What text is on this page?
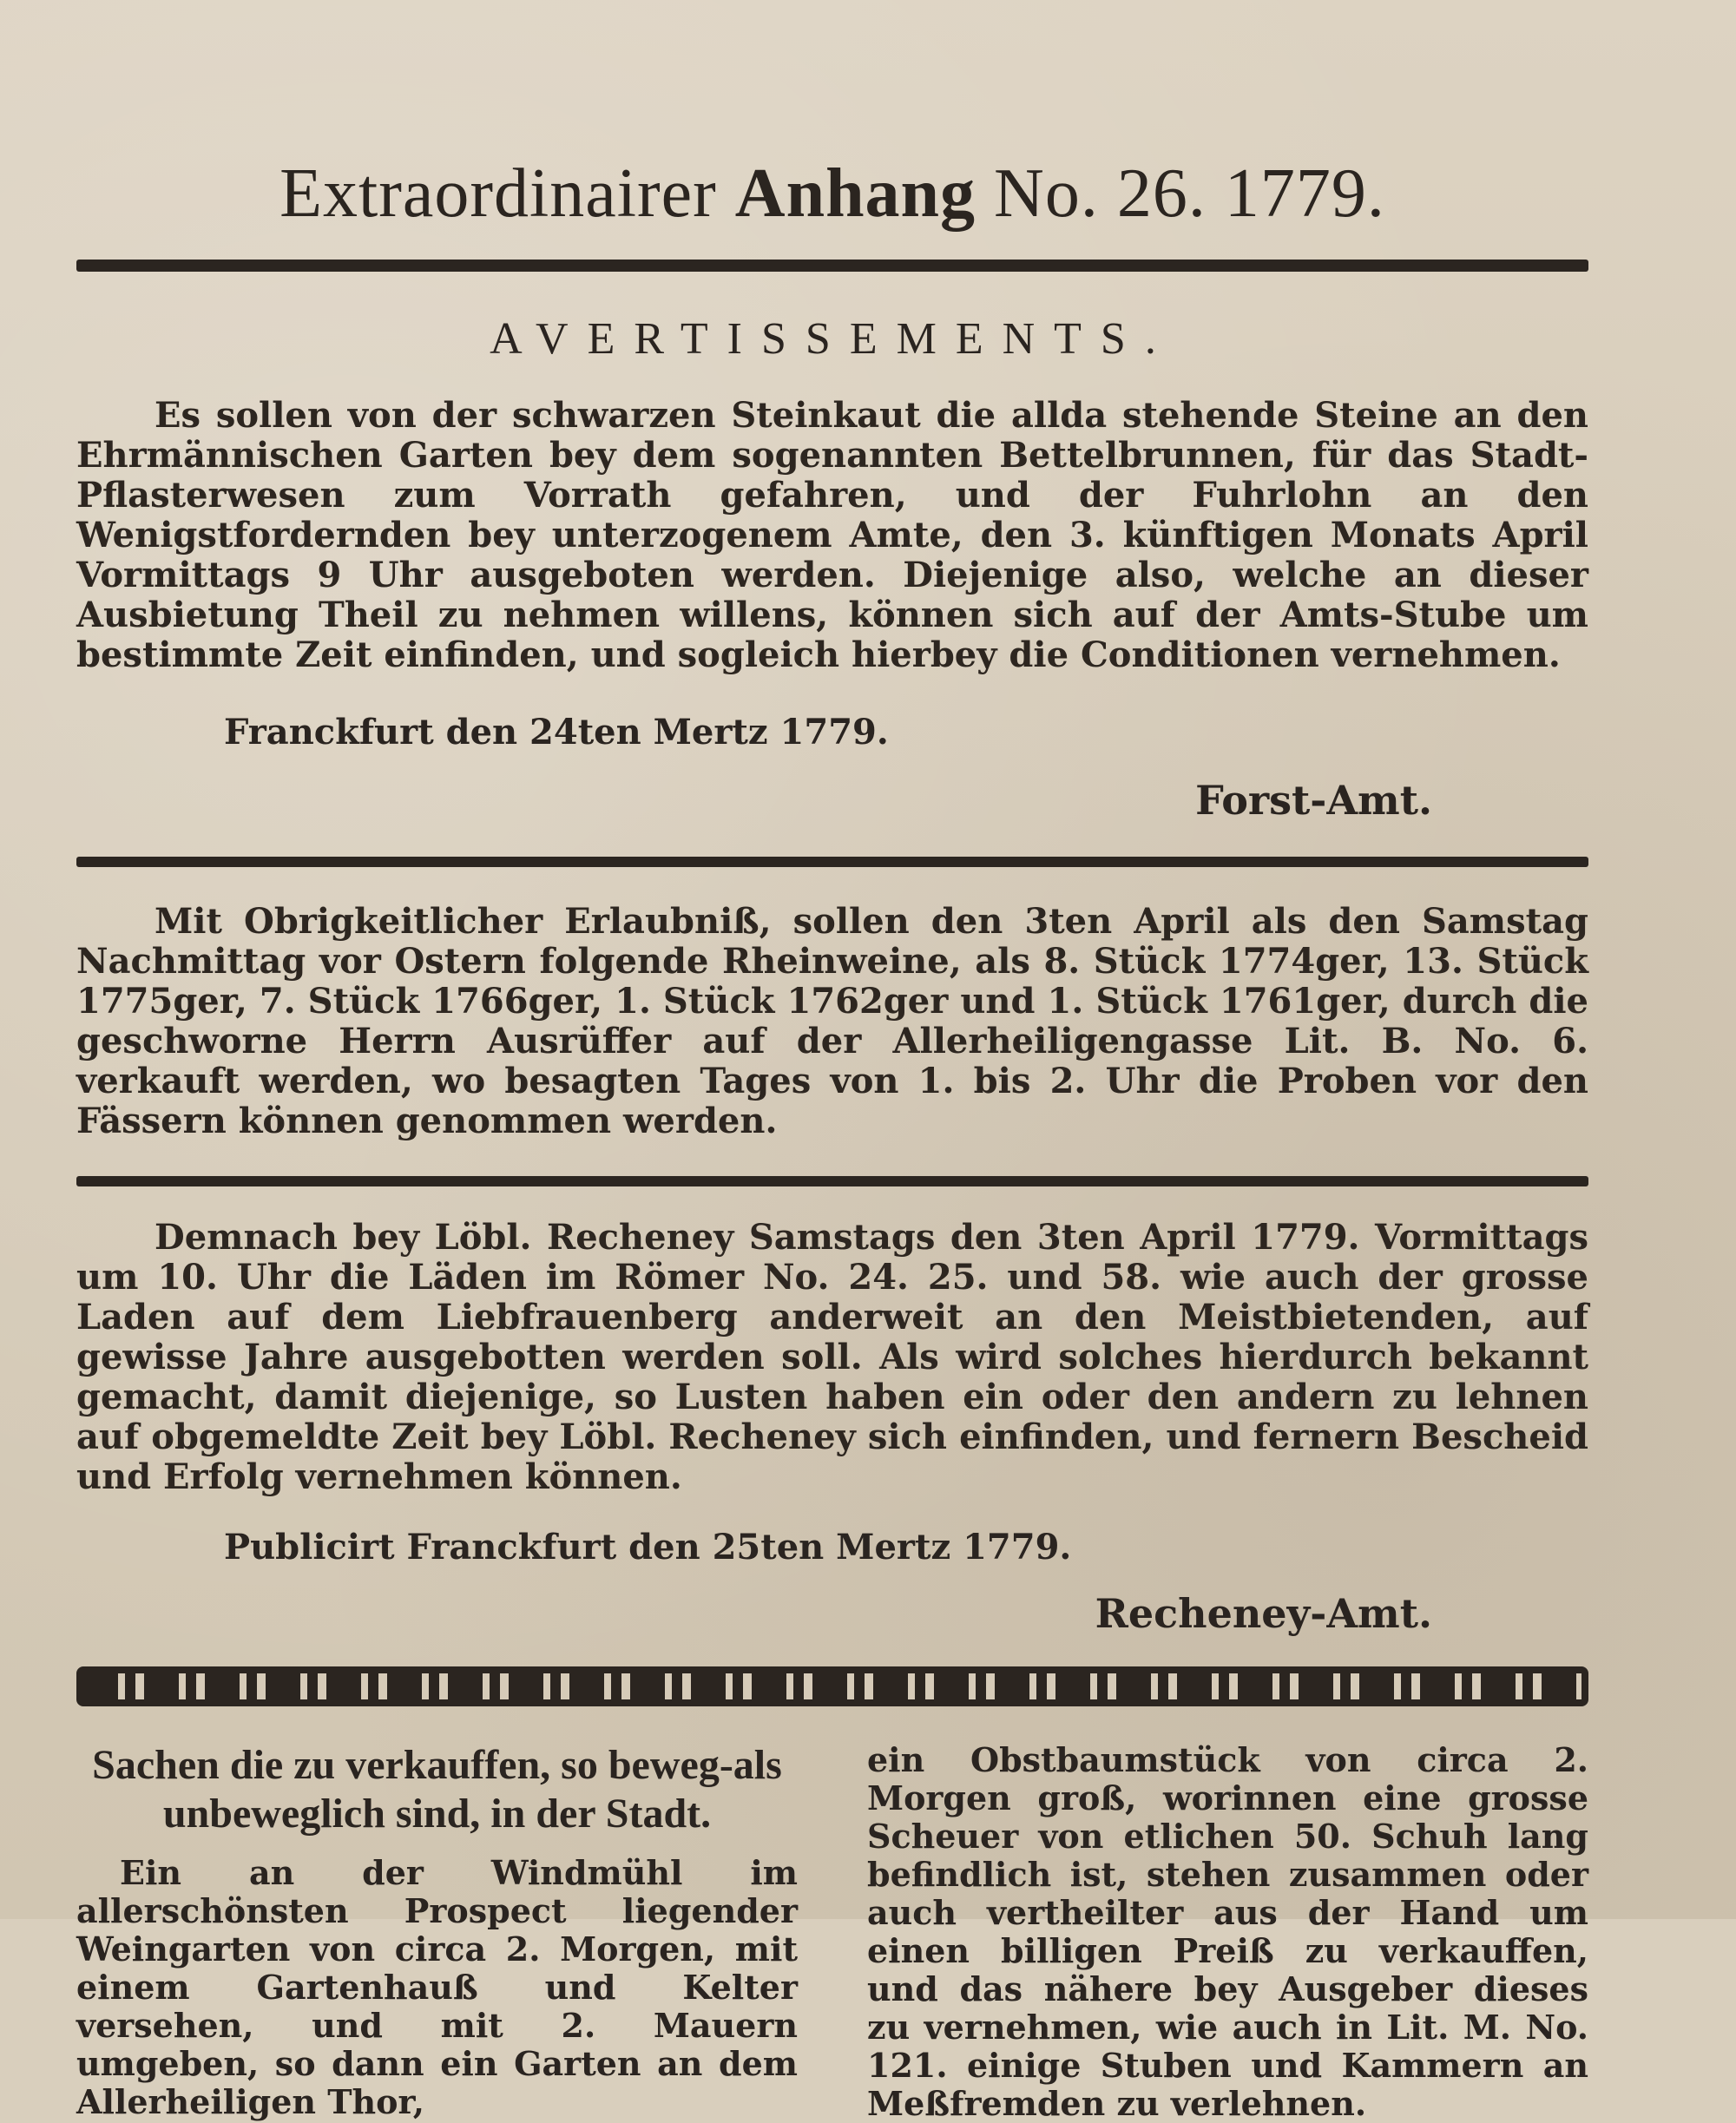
Extraordinairer Anhang No. 26. 1779.
AVERTISSEMENTS.
Es sollen von der schwarzen Steinkaut die allda stehende Steine an den Ehrmännischen Garten bey dem sogenannten Bettelbrunnen, für das Stadt-Pflasterwesen zum Vorrath gefahren, und der Fuhrlohn an den Wenigstfordernden bey unterzogenem Amte, den 3. künftigen Monats April Vormittags 9 Uhr ausgeboten werden. Diejenige also, welche an dieser Ausbietung Theil zu nehmen willens, können sich auf der Amts-Stube um bestimmte Zeit einfinden, und sogleich hierbey die Conditionen vernehmen.
Franckfurt den 24ten Mertz 1779.
Forst-Amt.
Mit Obrigkeitlicher Erlaubniß, sollen den 3ten April als den Samstag Nachmittag vor Ostern folgende Rheinweine, als 8. Stück 1774ger, 13. Stück 1775ger, 7. Stück 1766ger, 1. Stück 1762ger und 1. Stück 1761ger, durch die geschworne Herrn Ausrüffer auf der Allerheiligengasse Lit. B. No. 6. verkauft werden, wo besagten Tages von 1. bis 2. Uhr die Proben vor den Fässern können genommen werden.
Demnach bey Löbl. Recheney Samstags den 3ten April 1779. Vormittags um 10. Uhr die Läden im Römer No. 24. 25. und 58. wie auch der grosse Laden auf dem Liebfrauenberg anderweit an den Meistbietenden, auf gewisse Jahre ausgebotten werden soll. Als wird solches hierdurch bekannt gemacht, damit diejenige, so Lusten haben ein oder den andern zu lehnen auf obgemeldte Zeit bey Löbl. Rechenеy sich einfinden, und fernern Bescheid und Erfolg vernehmen können.
Publicirt Franckfurt den 25ten Mertz 1779.
Recheney-Amt.
Sachen die zu verkauffen, so beweg-als unbeweglich sind, in der Stadt.
Ein an der Windmühl im allerschönsten Prospect liegender Weingarten von circa 2. Morgen, mit einem Gartenhauß und Kelter versehen, und mit 2. Mauern umgeben, so dann ein Garten an dem Allerheiligen Thor,
ein Obstbaumstück von circa 2. Morgen groß, worinnen eine grosse Scheuer von etlichen 50. Schuh lang befindlich ist, stehen zusammen oder auch vertheilter aus der Hand um einen billigen Preiß zu verkauffen, und das nähere bey Ausgeber dieses zu vernehmen, wie auch in Lit. M. No. 121. einige Stuben und Kammern an Meßfremden zu verlehnen.
